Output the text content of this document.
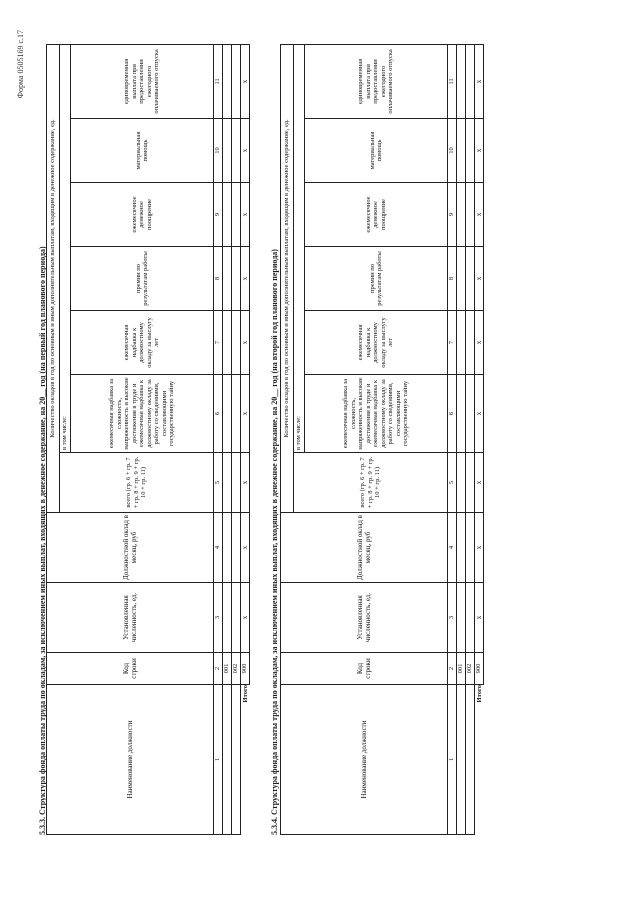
Форма 0505169 с.17
5.3.3. Структура фонда оплаты труда по окладам, за исключением иных выплат, входящих в денежное содержание, на 20__ год (на первый год планового периода)	Наименование должности	Код строки	Установленная численность, ед.	Должностной оклад в месяц, руб	Количество окладов в год по основным и иным дополнительным выплатам, входящим в денежное содержание, ед.						
				всего (гр. 6 + гр. 7 + гр. 8 + гр. 9 + гр. 10 + гр. 11)	в том числе:					
					ежемесячная надбавка за сложность, напряженность и высокие достижения в труде и ежемесячная надбавка к должностному окладу за работу со сведениями, составляющими государственную тайну	ежемесячная надбавка к должностному окладу за выслугу лет	премии по результатам работы	ежемесячное денежное поощрение	материальная помощь	единовременная выплата при предоставлении ежегодного оплачиваемого отпуска
1	2	3	4	5	6	7	8	9	10	11
	001									
	002									
Итого	900	x	x	x	x	x	x	x	x	x
5.3.4. Структура фонда оплаты труда по окладам, за исключением иных выплат, входящих в денежное содержание, на 20__ год (на второй год планового периода)	Наименование должности	Код строки	Установленная численность, ед.	Должностной оклад в месяц, руб	Количество окладов в год по основным и иным дополнительным выплатам, входящим в денежное содержание, ед.						
				всего (гр. 6 + гр. 7 + гр. 8 + гр. 9 + гр. 10 + гр. 11)	в том числе:					
					ежемесячная надбавка за сложность, напряженность и высокие достижения в труде и ежемесячная надбавка к должностному окладу за работу со сведениями, составляющими государственную тайну	ежемесячная надбавка к должностному окладу за выслугу лет	премии по результатам работы	ежемесячное денежное поощрение	материальная помощь	единовременная выплата при предоставлении ежегодного оплачиваемого отпуска
1	2	3	4	5	6	7	8	9	10	11
	001									
	002									
Итого	900	x	x	x	x	x	x	x	x	x
